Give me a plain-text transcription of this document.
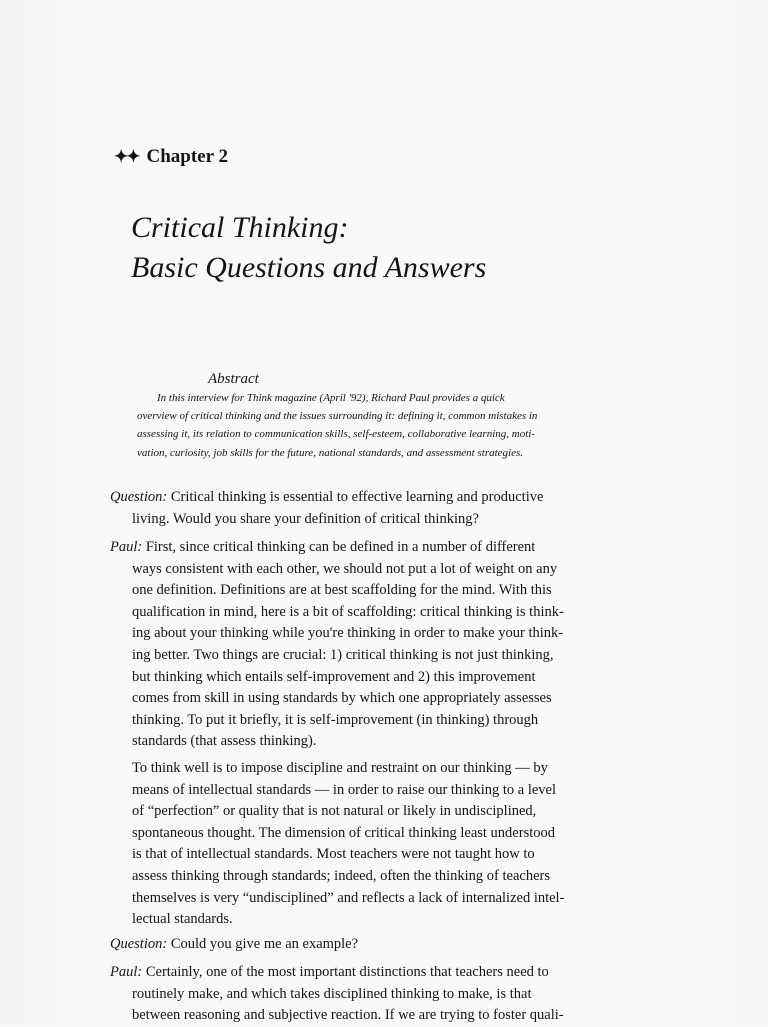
✦✦ Chapter 2
Critical Thinking:
Basic Questions and Answers
Abstract
In this interview for Think magazine (April '92), Richard Paul provides a quick
overview of critical thinking and the issues surrounding it: defining it, common mistakes in
assessing it, its relation to communication skills, self-esteem, collaborative learning, moti-
vation, curiosity, job skills for the future, national standards, and assessment strategies.
Question: Critical thinking is essential to effective learning and productive
living. Would you share your definition of critical thinking?
Paul: First, since critical thinking can be defined in a number of different
ways consistent with each other, we should not put a lot of weight on any
one definition. Definitions are at best scaffolding for the mind. With this
qualification in mind, here is a bit of scaffolding: critical thinking is think-
ing about your thinking while you're thinking in order to make your think-
ing better. Two things are crucial: 1) critical thinking is not just thinking,
but thinking which entails self-improvement and 2) this improvement
comes from skill in using standards by which one appropriately assesses
thinking. To put it briefly, it is self-improvement (in thinking) through
standards (that assess thinking).
To think well is to impose discipline and restraint on our thinking — by
means of intellectual standards — in order to raise our thinking to a level
of “perfection” or quality that is not natural or likely in undisciplined,
spontaneous thought. The dimension of critical thinking least understood
is that of intellectual standards. Most teachers were not taught how to
assess thinking through standards; indeed, often the thinking of teachers
themselves is very “undisciplined” and reflects a lack of internalized intel-
lectual standards.
Question: Could you give me an example?
Paul: Certainly, one of the most important distinctions that teachers need to
routinely make, and which takes disciplined thinking to make, is that
between reasoning and subjective reaction. If we are trying to foster quali-
